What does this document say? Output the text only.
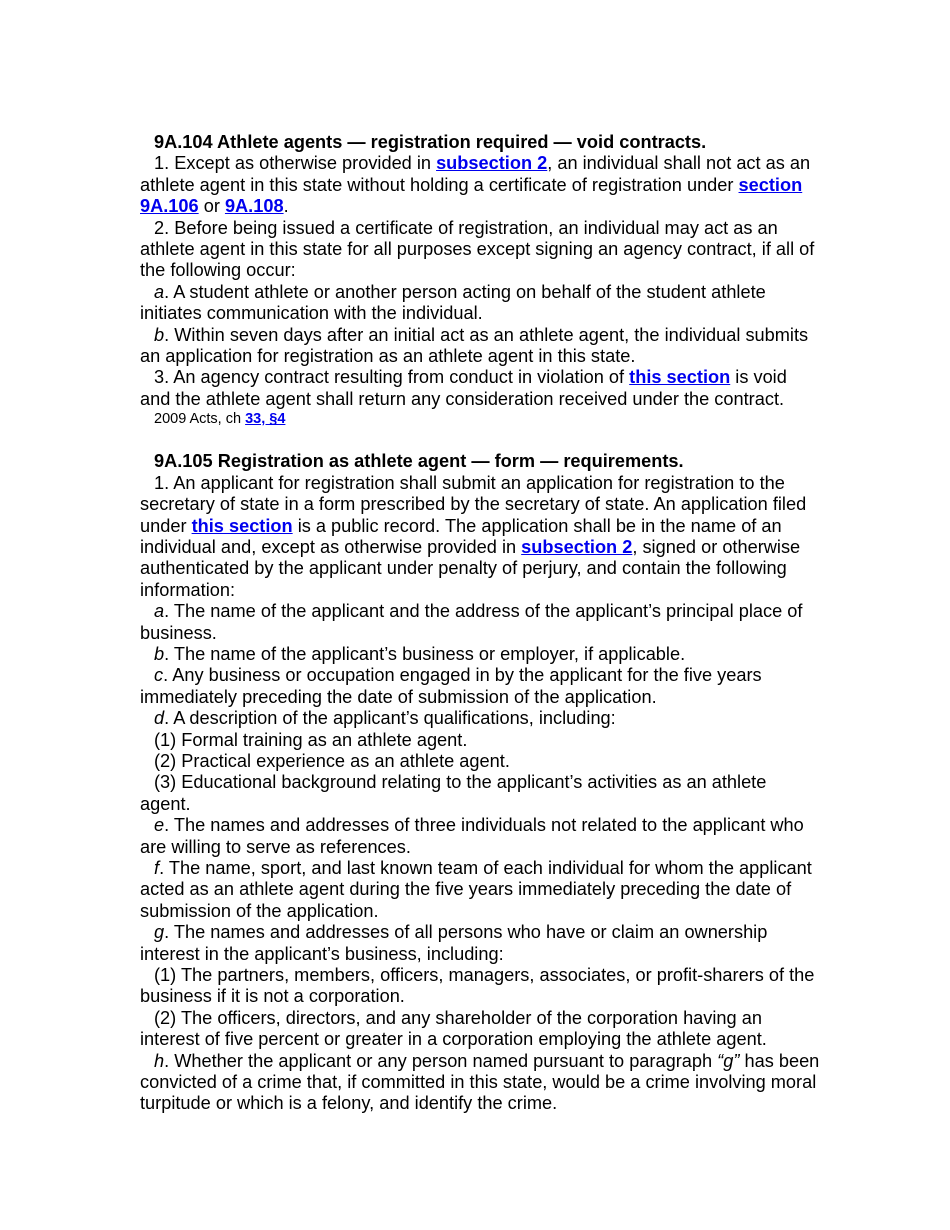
9A.104 Athlete agents — registration required — void contracts.

1. Except as otherwise provided in subsection 2, an individual shall not act as an athlete agent in this state without holding a certificate of registration under section 9A.106 or 9A.108.

2. Before being issued a certificate of registration, an individual may act as an athlete agent in this state for all purposes except signing an agency contract, if all of the following occur:

a. A student athlete or another person acting on behalf of the student athlete initiates communication with the individual.

b. Within seven days after an initial act as an athlete agent, the individual submits an application for registration as an athlete agent in this state.

3. An agency contract resulting from conduct in violation of this section is void and the athlete agent shall return any consideration received under the contract.

2009 Acts, ch 33, §4

9A.105 Registration as athlete agent — form — requirements.

1. An applicant for registration shall submit an application for registration to the secretary of state in a form prescribed by the secretary of state. An application filed under this section is a public record. The application shall be in the name of an individual and, except as otherwise provided in subsection 2, signed or otherwise authenticated by the applicant under penalty of perjury, and contain the following information:

a. The name of the applicant and the address of the applicant’s principal place of business.

b. The name of the applicant’s business or employer, if applicable.

c. Any business or occupation engaged in by the applicant for the five years immediately preceding the date of submission of the application.

d. A description of the applicant’s qualifications, including:

(1) Formal training as an athlete agent.

(2) Practical experience as an athlete agent.

(3) Educational background relating to the applicant’s activities as an athlete agent.

e. The names and addresses of three individuals not related to the applicant who are willing to serve as references.

f. The name, sport, and last known team of each individual for whom the applicant acted as an athlete agent during the five years immediately preceding the date of submission of the application.

g. The names and addresses of all persons who have or claim an ownership interest in the applicant’s business, including:

(1) The partners, members, officers, managers, associates, or profit-sharers of the business if it is not a corporation.

(2) The officers, directors, and any shareholder of the corporation having an interest of five percent or greater in a corporation employing the athlete agent.

h. Whether the applicant or any person named pursuant to paragraph “g” has been convicted of a crime that, if committed in this state, would be a crime involving moral turpitude or which is a felony, and identify the crime.
